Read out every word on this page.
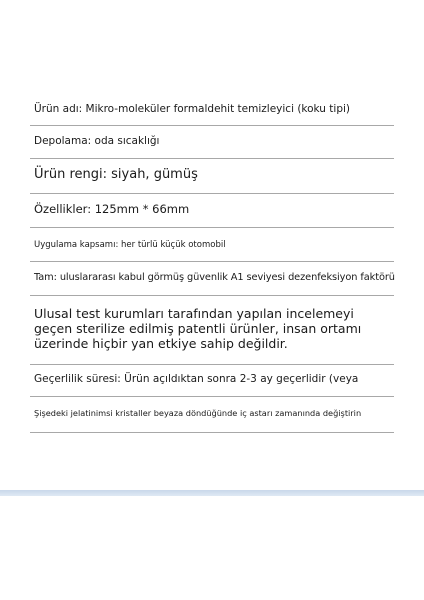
Ürün adı: Mikro-moleküler formaldehit temizleyici (koku tipi)
Depolama: oda sıcaklığı
Ürün rengi: siyah, gümüş
Özellikler: 125mm * 66mm
Uygulama kapsamı: her türlü küçük otomobil
Tam: uluslararası kabul görmüş güvenlik A1 seviyesi dezenfeksiyon faktörü
Ulusal test kurumları tarafından yapılan incelemeyi geçen sterilize edilmiş patentli ürünler, insan ortamı üzerinde hiçbir yan etkiye sahip değildir.
Geçerlilik süresi: Ürün açıldıktan sonra 2-3 ay geçerlidir (veya
Şişedeki jelatinimsi kristaller beyaza döndüğünde iç astarı zamanında değiştirin
